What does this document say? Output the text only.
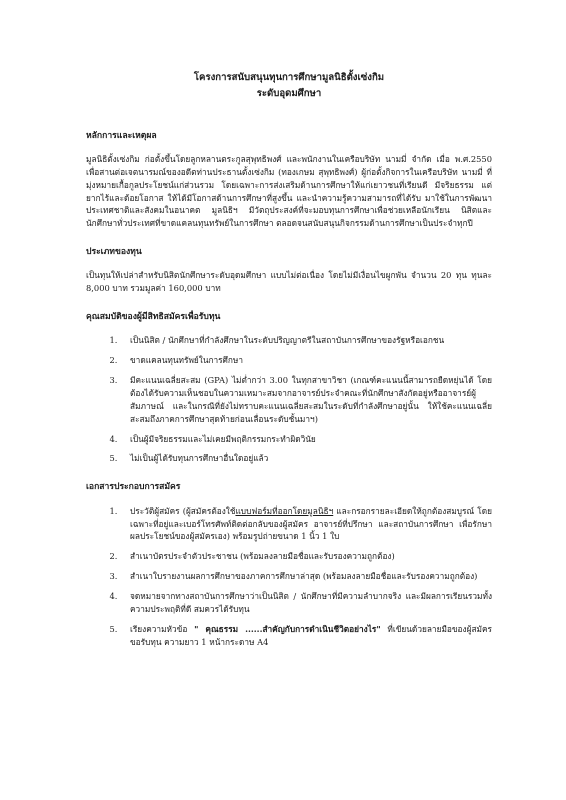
โครงการสนับสนุนทุนการศึกษามูลนิธิตั้งเซ่งกิม

ระดับอุดมศึกษา

หลักการและเหตุผล

มูลนิธิตั้งเซ่งกิม ก่อตั้งขึ้นโดยลูกหลานตระกูลสุพุทธิพงศ์ และพนักงานในเครือบริษัท นามมี่ จำกัด เมื่อ พ.ศ.2550 เพื่อสานต่อเจตนารมณ์ของอดีตท่านประธานตั้งเซ่งกิม (ทองเกษม สุพุทธิพงศ์) ผู้ก่อตั้งกิจการในเครือบริษัท นามมี่ ที่มุ่งหมายเกื้อกูลประโยชน์แก่ส่วนรวม โดยเฉพาะการส่งเสริมด้านการศึกษาให้แก่เยาวชนที่เรียนดี มีจริยธรรม แต่ยากไร้และด้อยโอกาส ให้ได้มีโอกาสด้านการศึกษาที่สูงขึ้น และนำความรู้ความสามารถที่ได้รับ มาใช้ในการพัฒนาประเทศชาติและสังคมในอนาคต มูลนิธิฯ มีวัตถุประสงค์ที่จะมอบทุนการศึกษาเพื่อช่วยเหลือนักเรียน นิสิตและนักศึกษาทั่วประเทศที่ขาดแคลนทุนทรัพย์ในการศึกษา ตลอดจนสนับสนุนกิจกรรมด้านการศึกษาเป็นประจำทุกปี

ประเภทของทุน

เป็นทุนให้เปล่าสำหรับนิสิตนักศึกษาระดับอุดมศึกษา แบบไม่ต่อเนื่อง โดยไม่มีเงื่อนไขผูกพัน จำนวน 20 ทุน ทุนละ 8,000 บาท รวมมูลค่า 160,000 บาท

คุณสมบัติของผู้มีสิทธิสมัครเพื่อรับทุน

1. เป็นนิสิต / นักศึกษาที่กำลังศึกษาในระดับปริญญาตรีในสถาบันการศึกษาของรัฐหรือเอกชน
2. ขาดแคลนทุนทรัพย์ในการศึกษา
3. มีคะแนนเฉลี่ยสะสม (GPA) ไม่ต่ำกว่า 3.00 ในทุกสาขาวิชา (เกณฑ์คะแนนนี้สามารถยืดหยุ่นได้ โดยต้องได้รับความเห็นชอบในความเหมาะสมจากอาจารย์ประจำคณะที่นักศึกษาสังกัดอยู่หรืออาจารย์ผู้สัมภาษณ์ และในกรณีที่ยังไม่ทราบคะแนนเฉลี่ยสะสมในระดับที่กำลังศึกษาอยู่นั้น ให้ใช้คะแนนเฉลี่ยสะสมถึงภาคการศึกษาสุดท้ายก่อนเลื่อนระดับชั้นมาฯ)
4. เป็นผู้มีจริยธรรมและไม่เคยมีพฤติกรรมกระทำผิดวินัย
5. ไม่เป็นผู้ได้รับทุนการศึกษาอื่นใดอยู่แล้ว

เอกสารประกอบการสมัคร

1. ประวัติผู้สมัคร (ผู้สมัครต้องใช้แบบฟอร์มที่ออกโดยมูลนิธิฯ และกรอกรายละเอียดให้ถูกต้องสมบูรณ์ โดยเฉพาะที่อยู่และเบอร์โทรศัพท์ติดต่อกลับของผู้สมัคร อาจารย์ที่ปรึกษา และสถาบันการศึกษา เพื่อรักษาผลประโยชน์ของผู้สมัครเอง) พร้อมรูปถ่ายขนาด 1 นิ้ว 1 ใบ
2. สำเนาบัตรประจำตัวประชาชน (พร้อมลงลายมือชื่อและรับรองความถูกต้อง)
3. สำเนาใบรายงานผลการศึกษาของภาคการศึกษาล่าสุด (พร้อมลงลายมือชื่อและรับรองความถูกต้อง)
4. จดหมายจากทางสถาบันการศึกษาว่าเป็นนิสิต / นักศึกษาที่มีความลำบากจริง และมีผลการเรียนรวมทั้งความประพฤติที่ดี สมควรได้รับทุน
5. เรียงความหัวข้อ " คุณธรรม ......สำคัญกับการดำเนินชีวิตอย่างไร" ที่เขียนด้วยลายมือของผู้สมัคร ขอรับทุน ความยาว 1 หน้ากระดาษ A4
